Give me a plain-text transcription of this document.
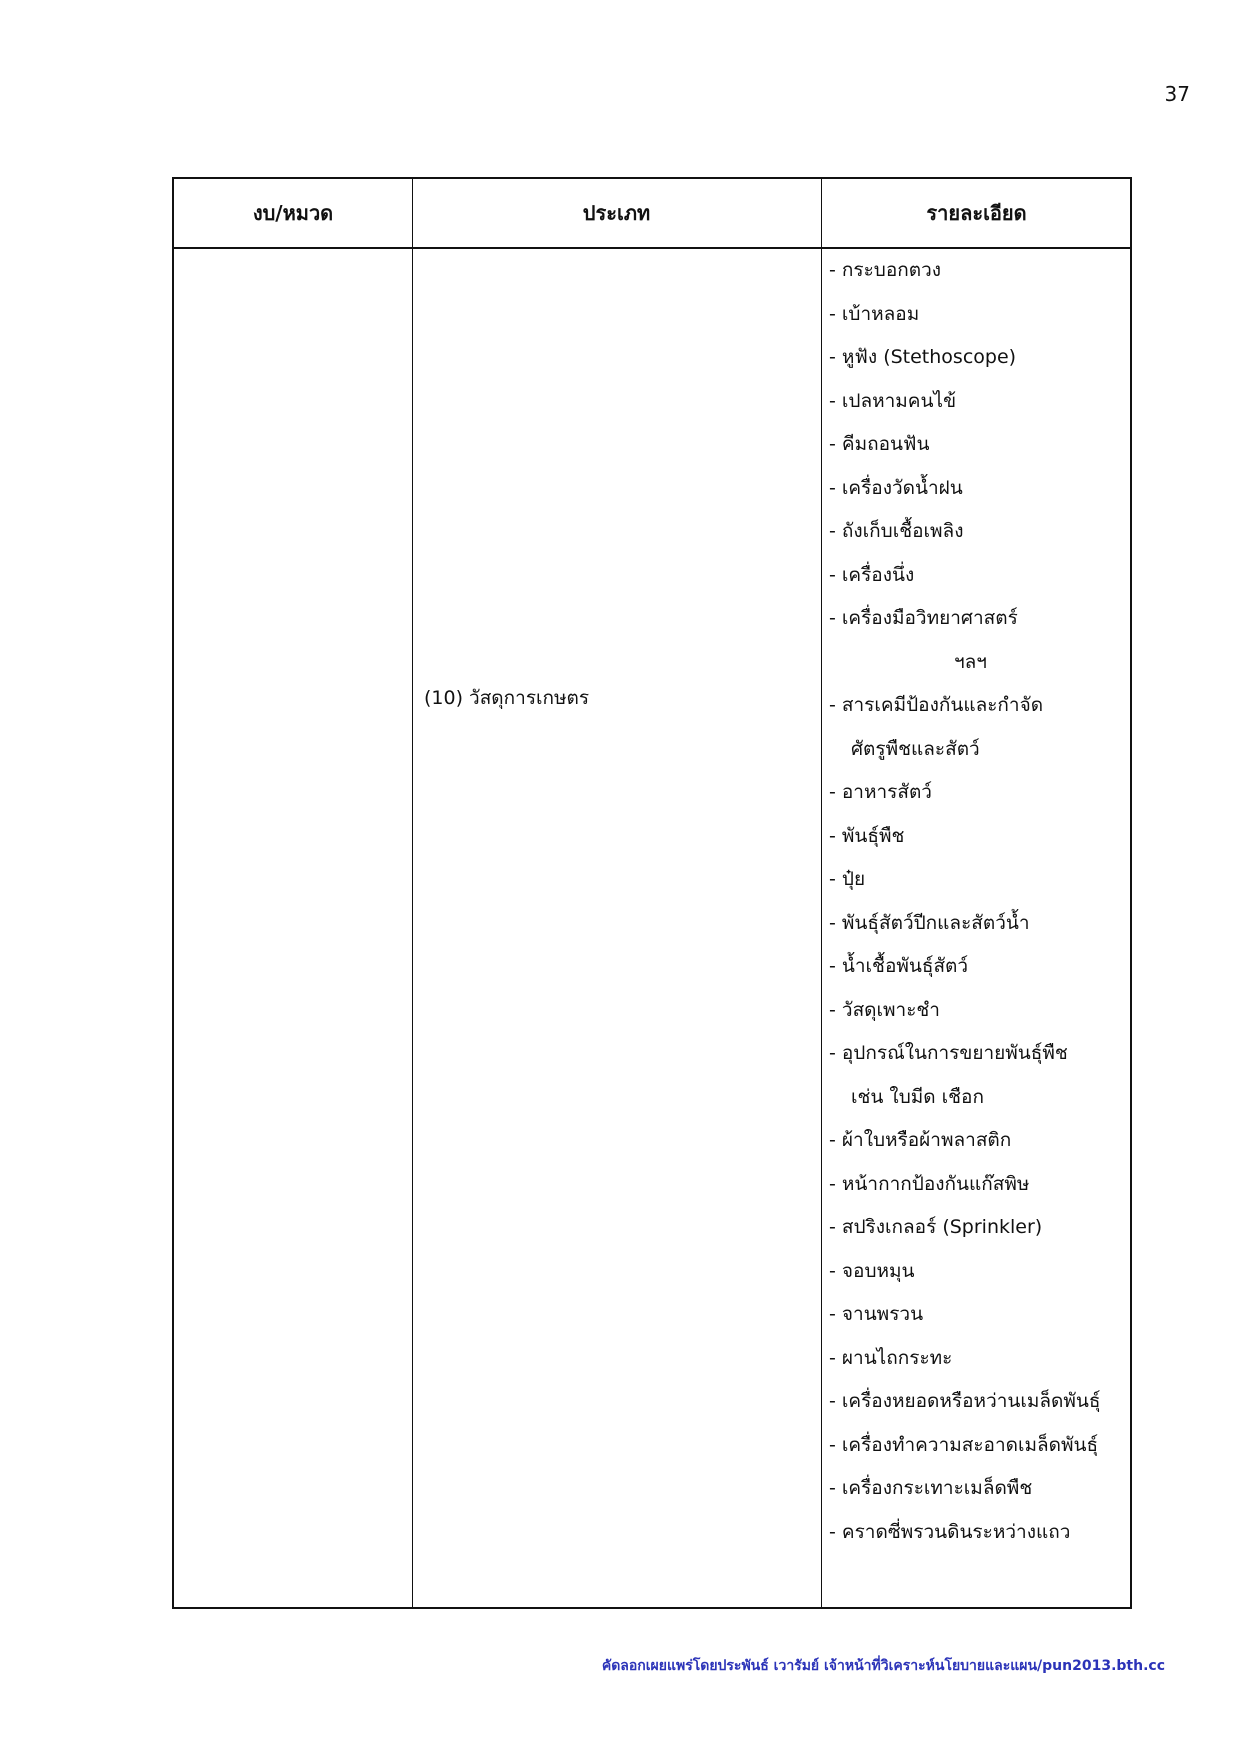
37
งบ/หมวด	ประเภท	รายละเอียด
(10) วัสดุการเกษตร
- กระบอกตวง
- เบ้าหลอม
- หูฟัง (Stethoscope)
- เปลหามคนไข้
- คีมถอนฟัน
- เครื่องวัดน้ำฝน
- ถังเก็บเชื้อเพลิง
- เครื่องนึ่ง
- เครื่องมือวิทยาศาสตร์
ฯลฯ
- สารเคมีป้องกันและกำจัด
ศัตรูพืชและสัตว์
- อาหารสัตว์
- พันธุ์พืช
- ปุ๋ย
- พันธุ์สัตว์ปีกและสัตว์น้ำ
- น้ำเชื้อพันธุ์สัตว์
- วัสดุเพาะชำ
- อุปกรณ์ในการขยายพันธุ์พืช
เช่น ใบมีด เชือก
- ผ้าใบหรือผ้าพลาสติก
- หน้ากากป้องกันแก๊สพิษ
- สปริงเกลอร์ (Sprinkler)
- จอบหมุน
- จานพรวน
- ผานไถกระทะ
- เครื่องหยอดหรือหว่านเมล็ดพันธุ์
- เครื่องทำความสะอาดเมล็ดพันธุ์
- เครื่องกระเทาะเมล็ดพืช
- คราดซี่พรวนดินระหว่างแถว
คัดลอกเผยแพร่โดยประพันธ์ เวารัมย์ เจ้าหน้าที่วิเคราะห์นโยบายและแผน/pun2013.bth.cc
